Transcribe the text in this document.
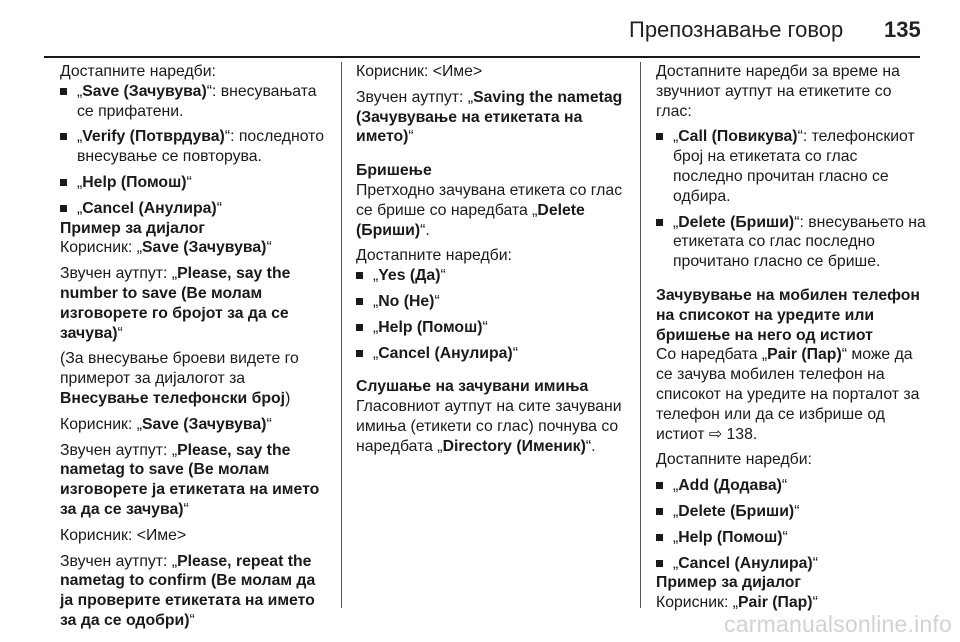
Препознавање говор 135

Достапните наредби:

„Save (Зачувува)“: внесувањата се прифатени.
„Verify (Потврдува)“: последното внесување се повторува.
„Help (Помош)“
„Cancel (Анулира)“
Пример за дијалог

Корисник: „Save (Зачувува)“

Звучен аутпут: „Please, say the number to save (Ве молам изговорете го бројот за да се зачува)“

(За внесување броеви видете го примерот за дијалогот за Внесување телефонски број)

Корисник: „Save (Зачувува)“

Звучен аутпут: „Please, say the nametag to save (Ве молам изговорете ја етикетата на името за да се зачува)“

Корисник: <Име>

Звучен аутпут: „Please, repeat the nametag to confirm (Ве молам да ја проверите етикетата на името за да се одобри)“

Корисник: <Име>

Звучен аутпут: „Saving the nametag (Зачувување на етикетата на името)“

Бришење

Претходно зачувана етикета со глас се брише со наредбата „Delete (Бриши)“.

Достапните наредби:

„Yes (Да)“
„No (Не)“
„Help (Помош)“
„Cancel (Анулира)“
Слушање на зачувани имиња

Гласовниот аутпут на сите зачувани имиња (етикети со глас) почнува со наредбата „Directory (Именик)“.

Достапните наредби за време на звучниот аутпут на етикетите со глас:

„Call (Повикува)“: телефонскиот број на етикетата со глас последно прочитан гласно се одбира.
„Delete (Бриши)“: внесувањето на етикетата со глас последно прочитано гласно се брише.
Зачувување на мобилен телефон на списокот на уредите или бришење на него од истиот

Со наредбата „Pair (Пар)“ може да се зачува мобилен телефон на списокот на уредите на порталот за телефон или да се избрише од истиот ⇨ 138.

Достапните наредби:

„Add (Додава)“
„Delete (Бриши)“
„Help (Помош)“
„Cancel (Анулира)“
Пример за дијалог

Корисник: „Pair (Пар)“

carmanualsonline.info
